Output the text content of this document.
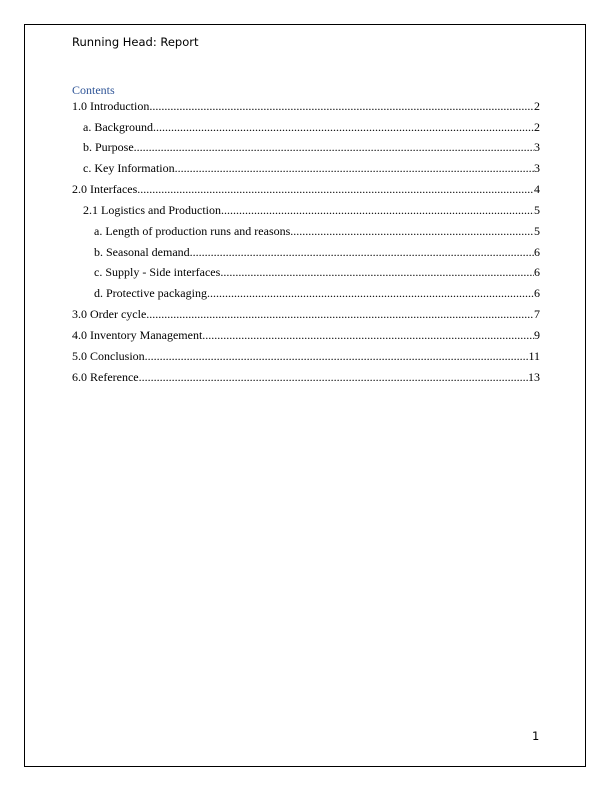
Running Head: Report
Contents
1.0 Introduction .....	2
a. Background .....	2
b. Purpose .....	3
c. Key Information .....	3
2.0 Interfaces .....	4
2.1 Logistics and Production .....	5
a. Length of production runs and reasons .....	5
b. Seasonal demand .....	6
c. Supply - Side interfaces .....	6
d. Protective packaging .....	6
3.0 Order cycle .....	7
4.0 Inventory Management .....	9
5.0 Conclusion .....	11
6.0 Reference .....	13
1
